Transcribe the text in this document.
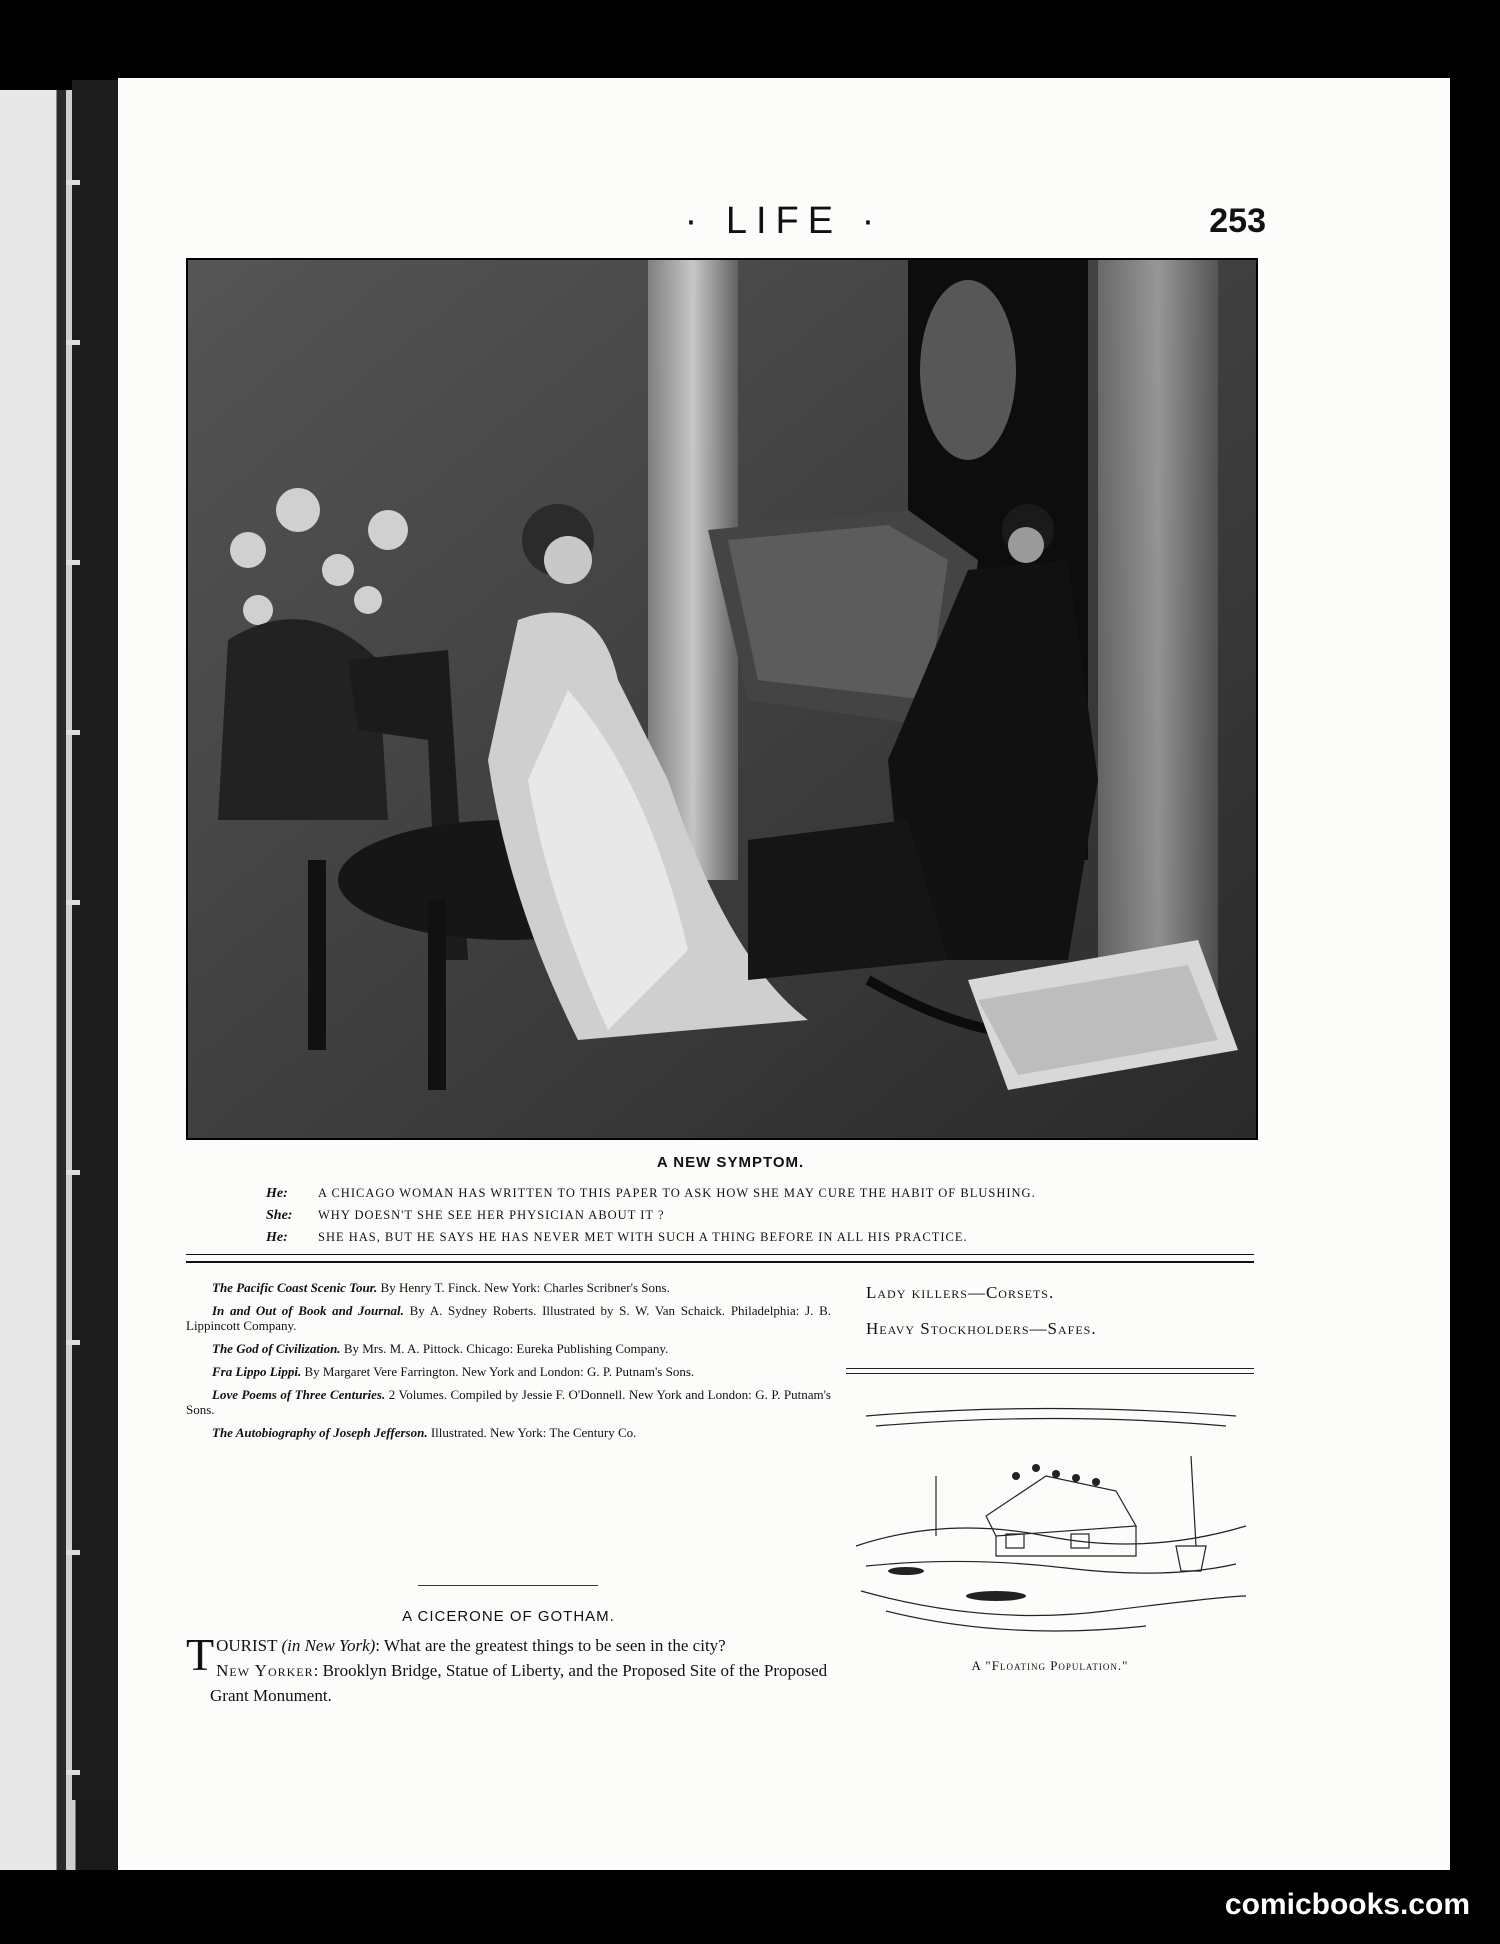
· LIFE ·	253
A NEW SYMPTOM.
He:	A CHICAGO WOMAN HAS WRITTEN TO THIS PAPER TO ASK HOW SHE MAY CURE THE HABIT OF BLUSHING.
She:	WHY DOESN'T SHE SEE HER PHYSICIAN ABOUT IT ?
He:	SHE HAS, BUT HE SAYS HE HAS NEVER MET WITH SUCH A THING BEFORE IN ALL HIS PRACTICE.
The Pacific Coast Scenic Tour. By Henry T. Finck. New York: Charles Scribner's Sons.
In and Out of Book and Journal. By A. Sydney Roberts. Illustrated by S. W. Van Schaick. Philadelphia: J. B. Lippincott Company.
The God of Civilization. By Mrs. M. A. Pittock. Chicago: Eureka Publishing Company.
Fra Lippo Lippi. By Margaret Vere Farrington. New York and London: G. P. Putnam's Sons.
Love Poems of Three Centuries. 2 Volumes. Compiled by Jessie F. O'Donnell. New York and London: G. P. Putnam's Sons.
The Autobiography of Joseph Jefferson. Illustrated. New York: The Century Co.
A CICERONE OF GOTHAM.

TOURIST (in New York): What are the greatest things to be seen in the city?

New Yorker: Brooklyn Bridge, Statue of Liberty, and the Proposed Site of the Proposed Grant Monument.

Lady killers—Corsets.
Heavy Stockholders—Safes.
A "Floating Population."
comicbooks.com
